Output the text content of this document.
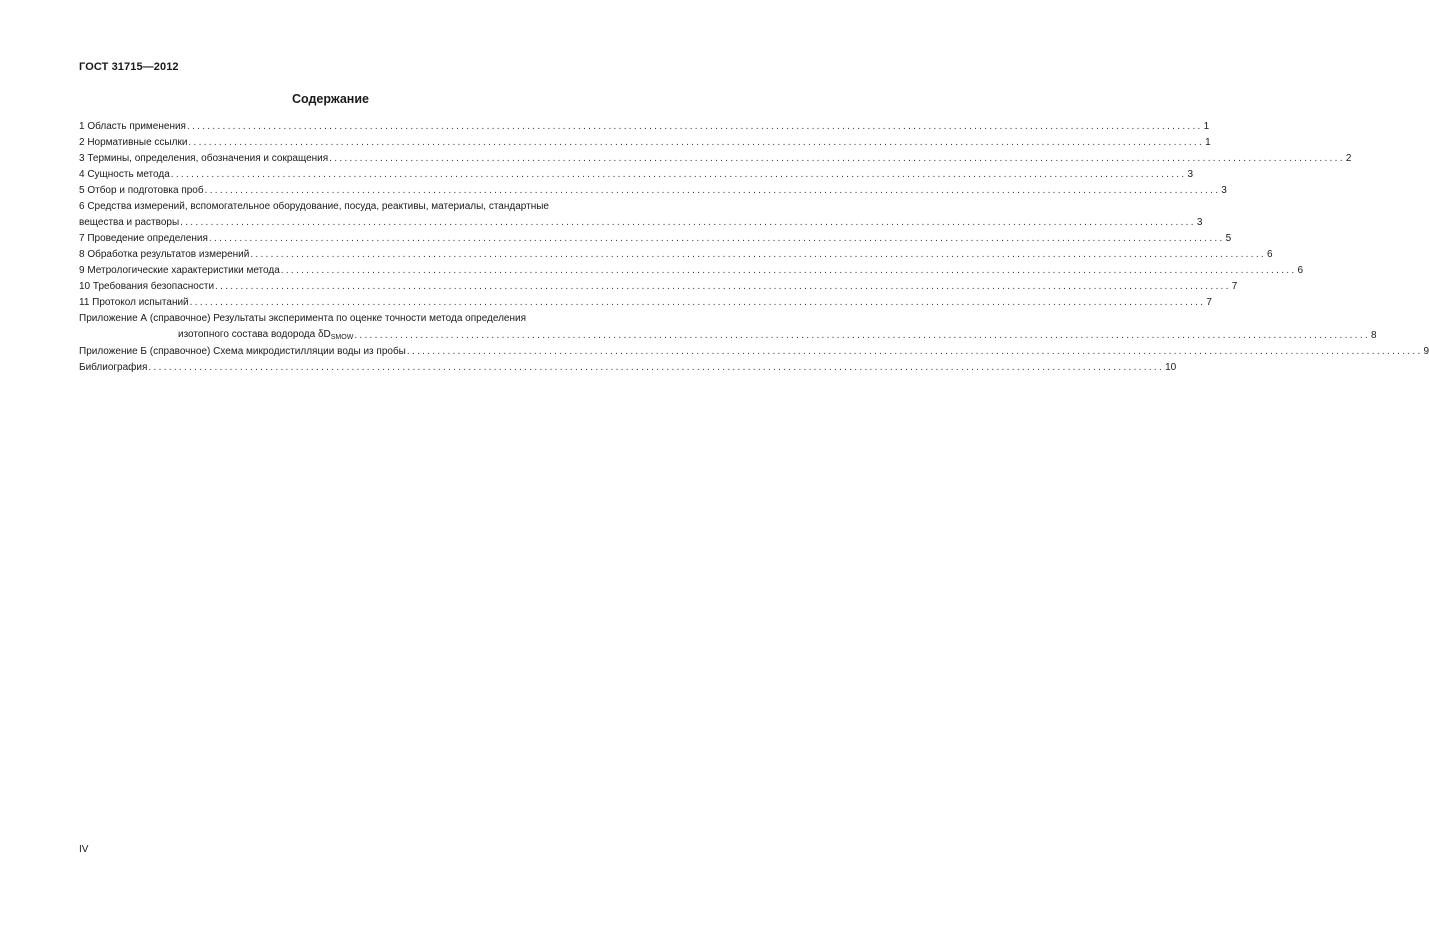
ГОСТ 31715—2012
Содержание
1 Область применения ........................................................................................................................................................................................................ 1
2 Нормативные ссылки ........................................................................................................................................................................................................ 1
3 Термины, определения, обозначения и сокращения ........................................................................................................................................................................................................ 2
4 Сущность метода ........................................................................................................................................................................................................ 3
5 Отбор и подготовка проб ........................................................................................................................................................................................................ 3
6 Средства измерений, вспомогательное оборудование, посуда, реактивы, материалы, стандартные
вещества и растворы ........................................................................................................................................................................................................ 3
7 Проведение определения ........................................................................................................................................................................................................ 5
8 Обработка результатов измерений ........................................................................................................................................................................................................ 6
9 Метрологические характеристики метода ........................................................................................................................................................................................................ 6
10 Требования безопасности ........................................................................................................................................................................................................ 7
11 Протокол испытаний ........................................................................................................................................................................................................ 7
Приложение А (справочное) Результаты эксперимента по оценке точности метода определения
изотопного состава водорода $\delta D_{SMOW}$ ........................................................................................................................................................................................................ 8
Приложение Б (справочное) Схема микродистилляции воды из пробы ........................................................................................................................................................................................................ 9
Библиография ........................................................................................................................................................................................................ 10
IV
